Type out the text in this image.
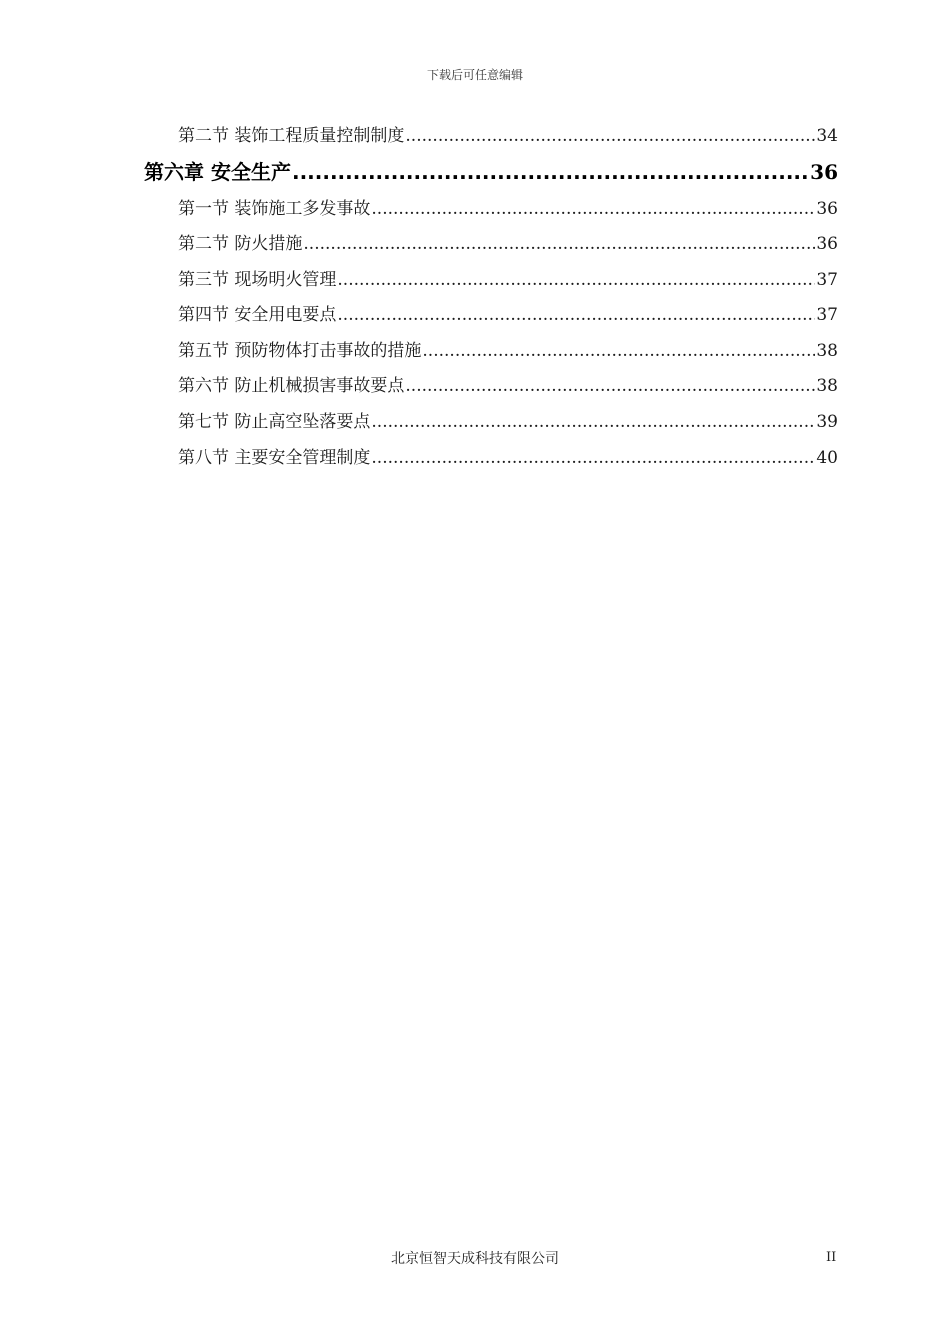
下载后可任意编辑
第二节 装饰工程质量控制制度 .....	34
第六章 安全生产 .....	36
第一节 装饰施工多发事故 .....	36
第二节 防火措施 .....	36
第三节 现场明火管理 .....	37
第四节 安全用电要点 .....	37
第五节 预防物体打击事故的措施 .....	38
第六节 防止机械损害事故要点 .....	38
第七节 防止高空坠落要点 .....	39
第八节 主要安全管理制度 .....	40
北京恒智天成科技有限公司	II
